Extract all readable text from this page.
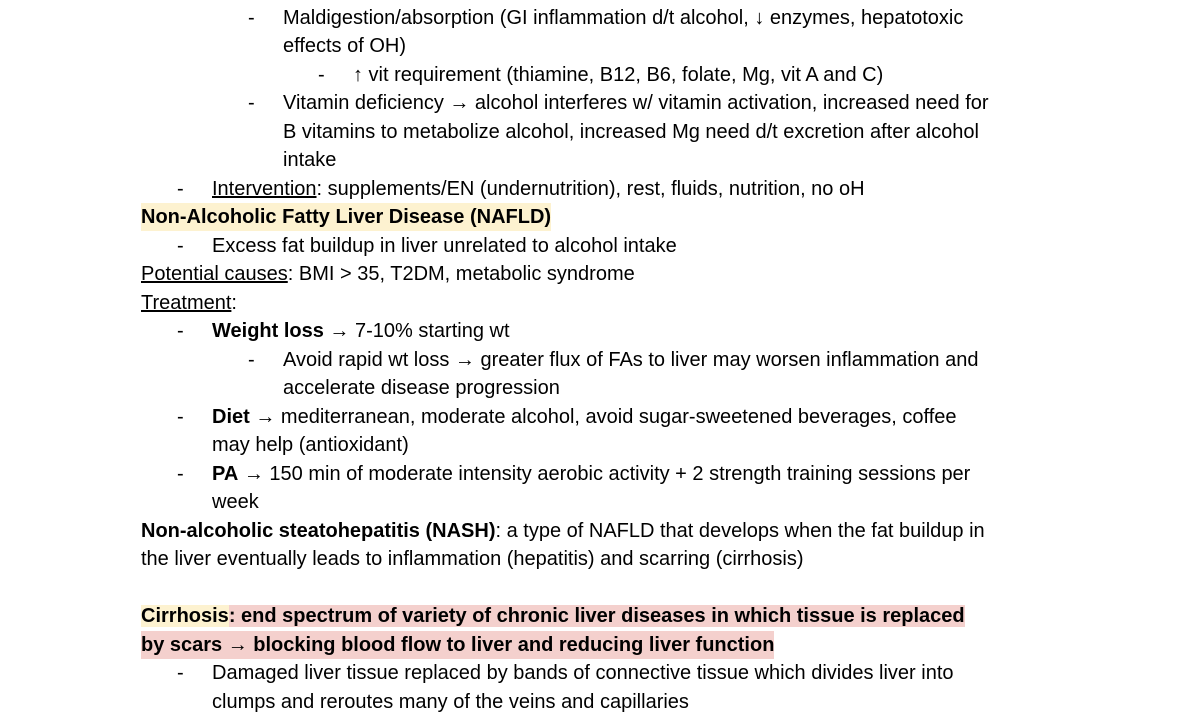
- Maldigestion/absorption (GI inflammation d/t alcohol, ↓ enzymes, hepatotoxic
effects of OH)
- ↑ vit requirement (thiamine, B12, B6, folate, Mg, vit A and C)
- Vitamin deficiency → alcohol interferes w/ vitamin activation, increased need for
B vitamins to metabolize alcohol, increased Mg need d/t excretion after alcohol
intake
- Intervention: supplements/EN (undernutrition), rest, fluids, nutrition, no oH
Non-Alcoholic Fatty Liver Disease (NAFLD)
- Excess fat buildup in liver unrelated to alcohol intake
Potential causes: BMI > 35, T2DM, metabolic syndrome
Treatment:
- Weight loss → 7-10% starting wt
- Avoid rapid wt loss → greater flux of FAs to liver may worsen inflammation and
accelerate disease progression
- Diet → mediterranean, moderate alcohol, avoid sugar-sweetened beverages, coffee
may help (antioxidant)
- PA → 150 min of moderate intensity aerobic activity + 2 strength training sessions per
week
Non-alcoholic steatohepatitis (NASH): a type of NAFLD that develops when the fat buildup in
the liver eventually leads to inflammation (hepatitis) and scarring (cirrhosis)
Cirrhosis: end spectrum of variety of chronic liver diseases in which tissue is replaced
by scars → blocking blood flow to liver and reducing liver function
- Damaged liver tissue replaced by bands of connective tissue which divides liver into
clumps and reroutes many of the veins and capillaries
